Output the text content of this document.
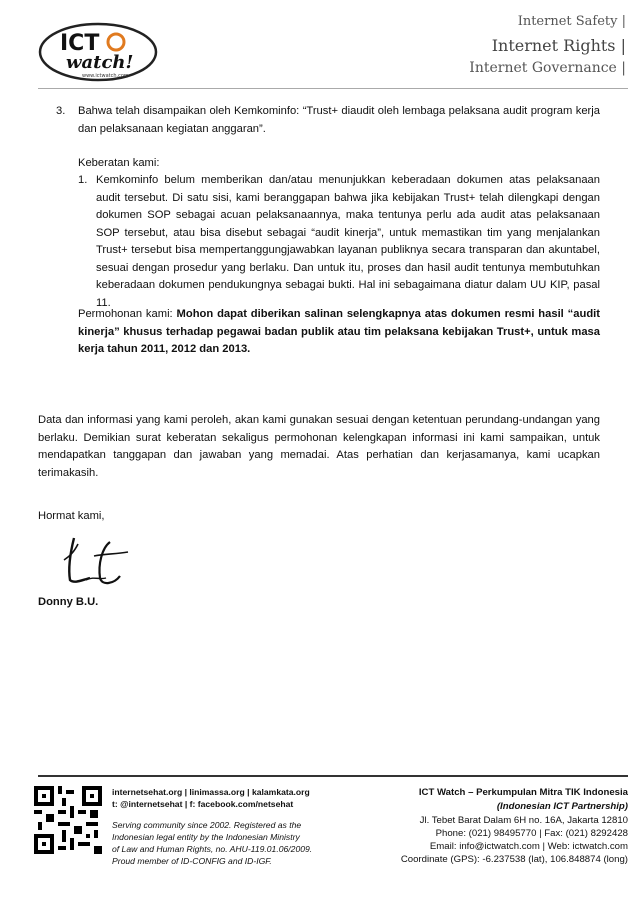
ICT
watch!
www.ictwatch.com
Internet Safety |
Internet Rights |
Internet Governance |
3. Bahwa telah disampaikan oleh Kemkominfo: “Trust+ diaudit oleh lembaga pelaksana audit program kerja dan pelaksanaan kegiatan anggaran”.
Keberatan kami:
1. Kemkominfo belum memberikan dan/atau menunjukkan keberadaan dokumen atas pelaksanaan audit tersebut. Di satu sisi, kami beranggapan bahwa jika kebijakan Trust+ telah dilengkapi dengan dokumen SOP sebagai acuan pelaksanaannya, maka tentunya perlu ada audit atas pelaksanaan SOP tersebut, atau bisa disebut sebagai “audit kinerja”, untuk memastikan tim yang menjalankan Trust+ tersebut bisa mempertanggungjawabkan layanan publiknya secara transparan dan akuntabel, sesuai dengan prosedur yang berlaku. Dan untuk itu, proses dan hasil audit tentunya membutuhkan keberadaan dokumen pendukungnya sebagai bukti. Hal ini sebagaimana diatur dalam UU KIP, pasal 11.
Permohonan kami: Mohon dapat diberikan salinan selengkapnya atas dokumen resmi hasil “audit kinerja” khusus terhadap pegawai badan publik atau tim pelaksana kebijakan Trust+, untuk masa kerja tahun 2011, 2012 dan 2013.
Data dan informasi yang kami peroleh, akan kami gunakan sesuai dengan ketentuan perundang-undangan yang berlaku. Demikian surat keberatan sekaligus permohonan kelengkapan informasi ini kami sampaikan, untuk mendapatkan tanggapan dan jawaban yang memadai. Atas perhatian dan kerjasamanya, kami ucapkan terimakasih.
Hormat kami,
Donny B.U.
internetsehat.org | linimassa.org | kalamkata.org
t: @internetsehat | f: facebook.com/netsehat
Serving community since 2002. Registered as the
Indonesian legal entity by the Indonesian Ministry
of Law and Human Rights, no. AHU-119.01.06/2009.
Proud member of ID-CONFIG and ID-IGF.
ICT Watch – Perkumpulan Mitra TIK Indonesia
(Indonesian ICT Partnership)
Jl. Tebet Barat Dalam 6H no. 16A, Jakarta 12810
Phone: (021) 98495770 | Fax: (021) 8292428
Email: info@ictwatch.com | Web: ictwatch.com
Coordinate (GPS): -6.237538 (lat), 106.848874 (long)
